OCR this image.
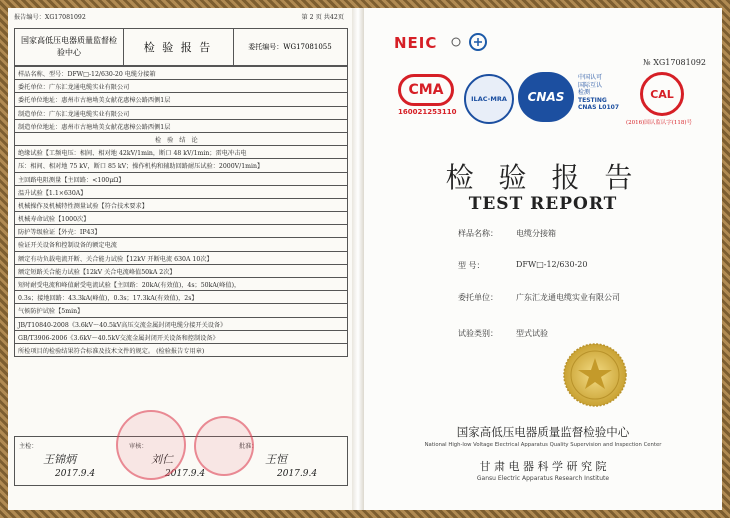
报告编号：XG17081092	第 2 页 共42页
国家高低压电器质量监督检验中心	检 验 报 告	委托编号：WG17081055
样品名称、型号：DFW□-12/630-20 电缆分接箱
委托单位：广东汇龙通电缆实业有限公司
委托单位地址：惠州市古塘坳美女献花惠樟公路西侧1层
制造单位：广东汇龙通电缆实业有限公司
制造单位地址：惠州市古塘坳美女献花惠樟公路西侧1层
检 验 结 论
绝缘试验【工频电压：相间、相对地 42kV/1min，断口 48 kV/1min；雷电冲击电
压：相间、相对地 75 kV，断口 85 kV；操作机构和辅助回路耐压试验：2000V/1min】
主回路电阻测量【主回路：<100μΩ】
温升试验【1.1×630A】
机械操作及机械特性测量试验【符合技术要求】
机械寿命试验【1000次】
防护等级验证【外壳：IP43】
验证开关设备和控制设备的额定电流
额定有功负载电流开断、关合能力试验【12kV 开断电流 630A 10次】
额定短路关合能力试验【12kV 关合电流峰值50kA 2次】
短时耐受电流和峰值耐受电流试验【主回路：20kA(有效值)，4s；50kA(峰值)，
0.3s；接地回路：43.3kA(峰值)，0.3s；17.3kA(有效值)，2s】
气候防护试验【5min】
JB/T10840-2008《3.6kV～40.5kV高压交流金属封闭电缆分接开关设备》
GB/T3906-2006《3.6kV～40.5kV交流金属封闭开关设备和控制设备》
所检项目的检验结果符合标准及技术文件的规定。 (检验报告专用章)
主检：	审核：	批准：
王锦炳	刘仁	王恒
2017.9.4	2017.9.4	2017.9.4
NEIC
№ XG17081092
CMA
160021253110
ILAC-MRA CNAS
中国认可
国际互认
检测
TESTING
CNAS L0107
CAL
(2016)国认监认字(118)号
检 验 报 告
TEST REPORT
样品名称： 电缆分接箱
型 号：	DFW□-12/630-20
委托单位： 广东汇龙通电缆实业有限公司
试验类别： 型式试验
国家高低压电器质量监督检验中心
National High-low Voltage Electrical Apparatus Quality Supervision and Inspection Center
甘 肃 电 器 科 学 研 究 院
Gansu Electric Apparatus Research Institute
